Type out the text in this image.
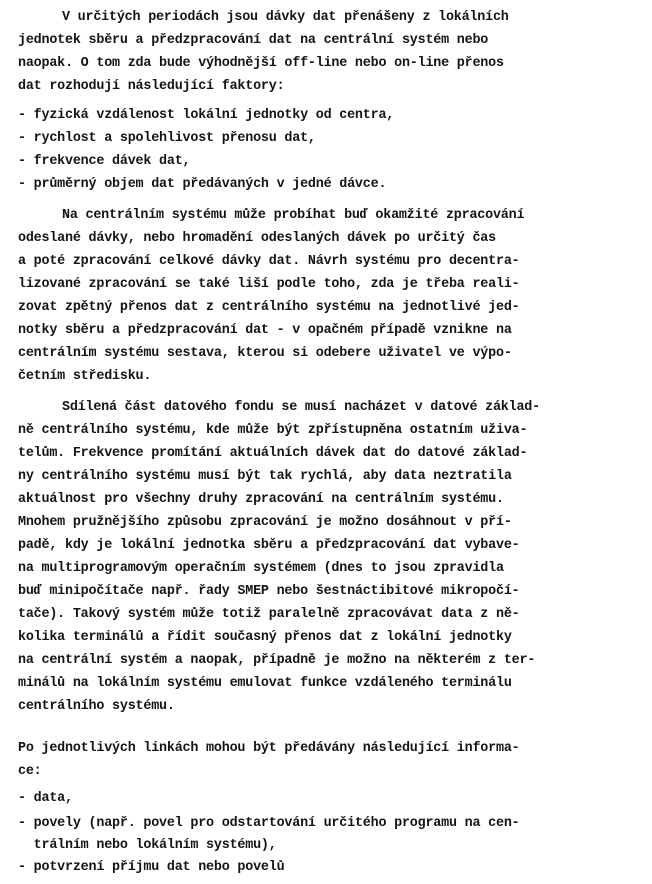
V určitých periodách jsou dávky dat přenášeny z lokálních
jednotek sběru a předzpracování dat na centrální systém nebo
naopak. O tom zda bude výhodnější off-line nebo on-line přenos
dat rozhodují následující faktory:
- fyzická vzdálenost lokální jednotky od centra,
- rychlost a spolehlivost přenosu dat,
- frekvence dávek dat,
- průměrný objem dat předávaných v jedné dávce.
Na centrálním systému může probíhat buď okamžité zpracování
odeslané dávky, nebo hromadění odeslaných dávek po určitý čas
a poté zpracování celkové dávky dat. Návrh systému pro decentra-
lizované zpracování se také liší podle toho, zda je třeba reali-
zovat zpětný přenos dat z centrálního systému na jednotlivé jed-
notky sběru a předzpracování dat - v opačném případě vznikne na
centrálním systému sestava, kterou si odebere uživatel ve výpo-
četním středisku.
Sdílená část datového fondu se musí nacházet v datové základ-
ně centrálního systému, kde může být zpřístupněna ostatním uživa-
telům. Frekvence promítání aktuálních dávek dat do datové základ-
ny centrálního systému musí být tak rychlá, aby data neztratila
aktuálnost pro všechny druhy zpracování na centrálním systému.
Mnohem pružnějšího způsobu zpracování je možno dosáhnout v pří-
padě, kdy je lokální jednotka sběru a předzpracování dat vybave-
na multiprogramovým operačním systémem (dnes to jsou zpravidla
buď minipočítače např. řady SMEP nebo šestnáctibitové mikropočí-
tače). Takový systém může totiž paralelně zpracovávat data z ně-
kolika terminálů a řídit současný přenos dat z lokální jednotky
na centrální systém a naopak, případně je možno na některém z ter-
minálů na lokálním systému emulovat funkce vzdáleného terminálu
centrálního systému.
Po jednotlivých linkách mohou být předávány následující informa-
ce:
- data,
- povely (např. povel pro odstartování určitého programu na cen-
trálním nebo lokálním systému),
- potvrzení příjmu dat nebo povelů
